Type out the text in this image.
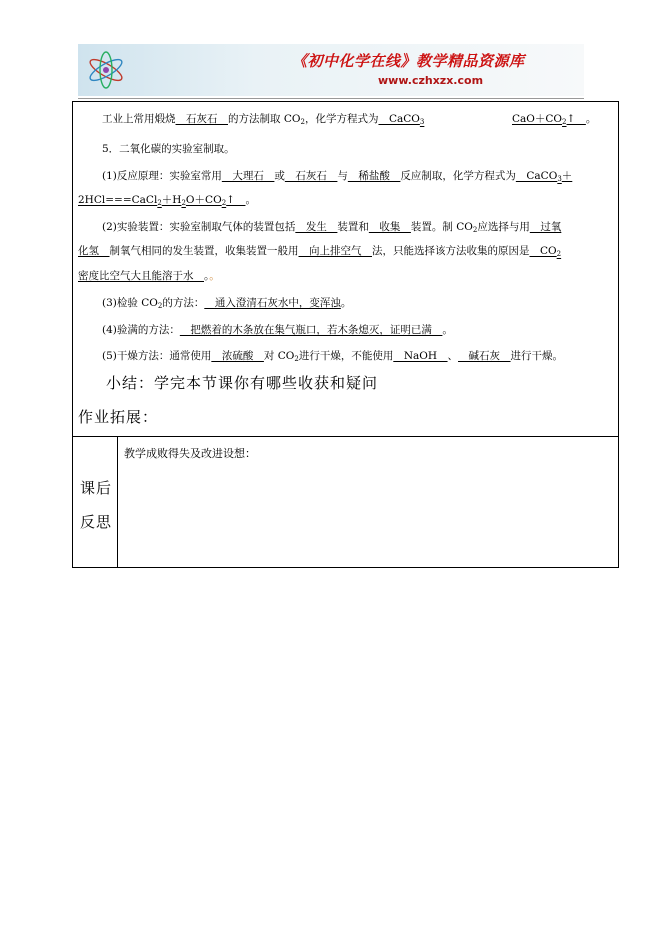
《初中化学在线》教学精品资源库
www.czhxzx.com
工业上常用煅烧__石灰石__的方法制取 $CO_2$，化学方程式为__CaCO$_3$	$CaO+CO_2↑\_\_$。
5．二氧化碳的实验室制取。
(1)反应原理：实验室常用__大理石__或__石灰石__与__稀盐酸__反应制取，化学方程式为__CaCO$_3$＋
$2HCl===CaCl_2+H_2O+CO_2↑\_\_$。
(2)实验装置：实验室制取气体的装置包括__发生__装置和__收集__装置。制 $CO_2$应选择与用__过氧
化氢__制氧气相同的发生装置，收集装置一般用__向上排空气__法，只能选择该方法收集的原因是$\_\_CO_2$
密度比空气大且能溶于水__。。
(3)检验 $CO_2$的方法：__通入澄清石灰水中，变浑浊。
(4)验满的方法：__把燃着的木条放在集气瓶口，若木条熄灭，证明已满__。
(5)干燥方法：通常使用__浓硫酸__对 $CO_2$进行干燥，不能使用__NaOH__、__碱石灰__进行干燥。
小结：学完本节课你有哪些收获和疑问
作业拓展：
课后
反思
教学成败得失及改进设想：
